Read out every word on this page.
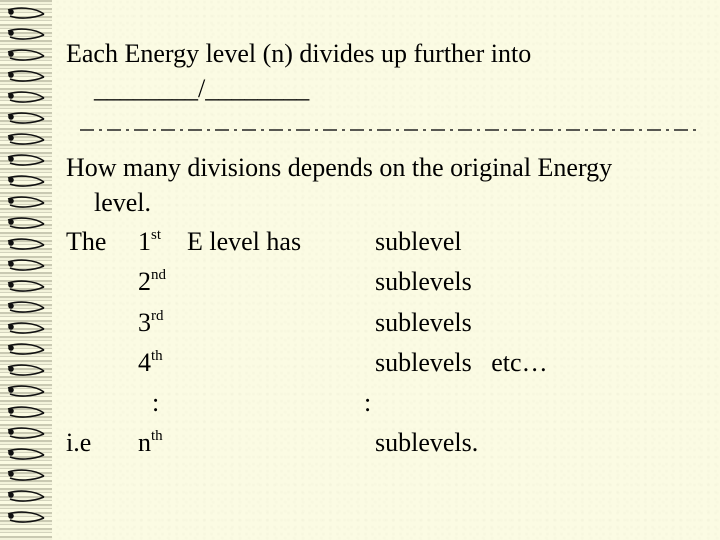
Each Energy level (n) divides up further into
________/________
How many divisions depends on the original Energy
level.
The 1st E level has	sublevel
2nd	sublevels
3rd	sublevels
4th	sublevels   etc…
:	:
i.e $n^{th}$	sublevels.
